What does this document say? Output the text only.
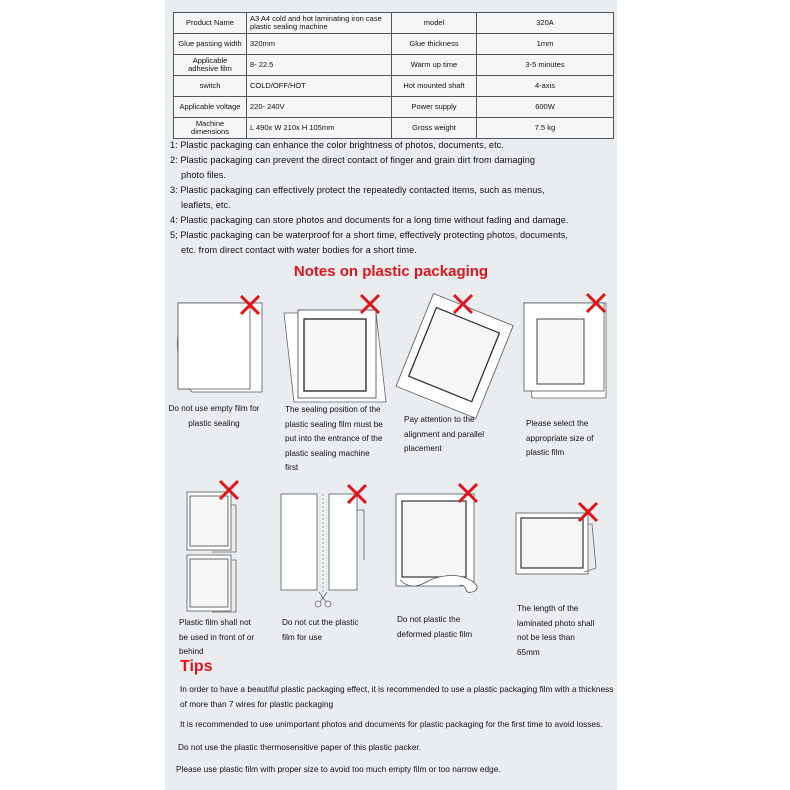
Product Name	A3 A4 cold and hot laminating iron case plastic sealing machine	model	320A
Glue passing width	320mm	Glue thickness	1mm
Applicable adhesive film	8- 22.5	Warm up time	3-5 minutes
switch	COLD/OFF/HOT	Hot mounted shaft	4-axis
Applicable voltage	220- 240V	Power supply	600W
Machine dimensions	L 490x W 210x H 105mm	Gross weight	7.5 kg

1: Plastic packaging can enhance the color brightness of photos, documents, etc.

2: Plastic packaging can prevent the direct contact of finger and grain dirt from damaging

photo files.

3: Plastic packaging can effectively protect the repeatedly contacted items, such as menus,

leaflets, etc.

4: Plastic packaging can store photos and documents for a long time without fading and damage.

5; Plastic packaging can be waterproof for a short time, effectively protecting photos, documents,

etc. from direct contact with water bodies for a short time.

Notes on plastic packaging
Do not use empty film for plastic sealing
The sealing position of the plastic sealing film must be put into the entrance of the plastic sealing machine first
Pay attention to the alignment and parallel placement
Please select the appropriate size of plastic film
Plastic film shall not be used in front of or behind
Do not cut the plastic film for use
Do not plastic the deformed plastic film
The length of the laminated photo shall not be less than 65mm
Tips

In order to have a beautiful plastic packaging effect, it is recommended to use a plastic packaging film with a thickness of more than 7 wires for plastic packaging

It is recommended to use unimportant photos and documents for plastic packaging for the first time to avoid losses.

Do not use the plastic thermosensitive paper of this plastic packer.

Please use plastic film with proper size to avoid too much empty film or too narrow edge.
